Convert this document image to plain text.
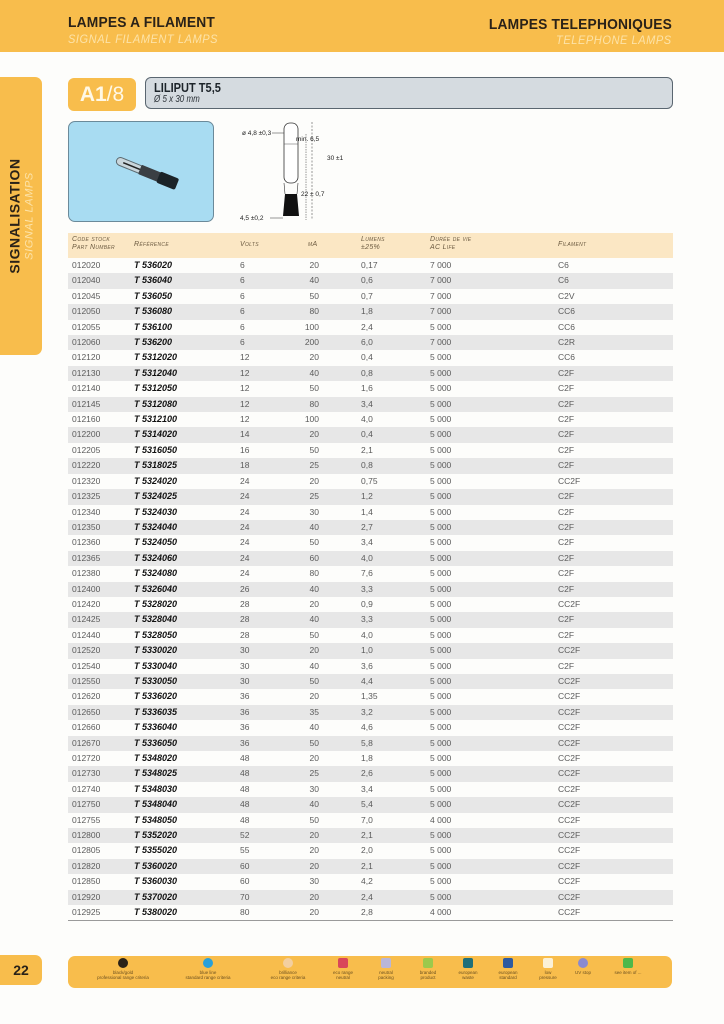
LAMPES A FILAMENT
SIGNAL FILAMENT LAMPS
LAMPES TELEPHONIQUES
TELEPHONE LAMPS
SIGNALISATION SIGNAL LAMPS
A1/8	LILIPUT T5,5
Ø 5 x 30 mm
ø 4,8 ±0,3
min. 6,5
30 ±1
22 ± 0,7
4,5 ±0,2
Code stock
Part Number	Référence	Volts	mA
Lumens
±25%
Durée de vie
AC Life	Filament
012020	T 536020	6	20	0,17	7 000	C6
012040	T 536040	6	40	0,6	7 000	C6
012045	T 536050	6	50	0,7	7 000	C2V
012050	T 536080	6	80	1,8	7 000	CC6
012055	T 536100	6	100	2,4	5 000	CC6
012060	T 536200	6	200	6,0	7 000	C2R
012120	T 5312020	12	20	0,4	5 000	CC6
012130	T 5312040	12	40	0,8	5 000	C2F
012140	T 5312050	12	50	1,6	5 000	C2F
012145	T 5312080	12	80	3,4	5 000	C2F
012160	T 5312100	12	100	4,0	5 000	C2F
012200	T 5314020	14	20	0,4	5 000	C2F
012205	T 5316050	16	50	2,1	5 000	C2F
012220	T 5318025	18	25	0,8	5 000	C2F
012320	T 5324020	24	20	0,75	5 000	CC2F
012325	T 5324025	24	25	1,2	5 000	C2F
012340	T 5324030	24	30	1,4	5 000	C2F
012350	T 5324040	24	40	2,7	5 000	C2F
012360	T 5324050	24	50	3,4	5 000	C2F
012365	T 5324060	24	60	4,0	5 000	C2F
012380	T 5324080	24	80	7,6	5 000	C2F
012400	T 5326040	26	40	3,3	5 000	C2F
012420	T 5328020	28	20	0,9	5 000	CC2F
012425	T 5328040	28	40	3,3	5 000	C2F
012440	T 5328050	28	50	4,0	5 000	C2F
012520	T 5330020	30	20	1,0	5 000	CC2F
012540	T 5330040	30	40	3,6	5 000	C2F
012550	T 5330050	30	50	4,4	5 000	CC2F
012620	T 5336020	36	20	1,35	5 000	CC2F
012650	T 5336035	36	35	3,2	5 000	CC2F
012660	T 5336040	36	40	4,6	5 000	CC2F
012670	T 5336050	36	50	5,8	5 000	CC2F
012720	T 5348020	48	20	1,8	5 000	CC2F
012730	T 5348025	48	25	2,6	5 000	CC2F
012740	T 5348030	48	30	3,4	5 000	CC2F
012750	T 5348040	48	40	5,4	5 000	CC2F
012755	T 5348050	48	50	7,0	4 000	CC2F
012800	T 5352020	52	20	2,1	5 000	CC2F
012805	T 5355020	55	20	2,0	5 000	CC2F
012820	T 5360020	60	20	2,1	5 000	CC2F
012850	T 5360030	60	30	4,2	5 000	CC2F
012920	T 5370020	70	20	2,4	5 000	CC2F
012925	T 5380020	80	20	2,8	4 000	CC2F
22	black/gold
professional range criteria
blue line
standard range criteria
brilliance
eco range criteria
eco range
neutral
neutral
packing
branded
product
european
waste
european
standard
low
pressure
UV stop	see item of ...
